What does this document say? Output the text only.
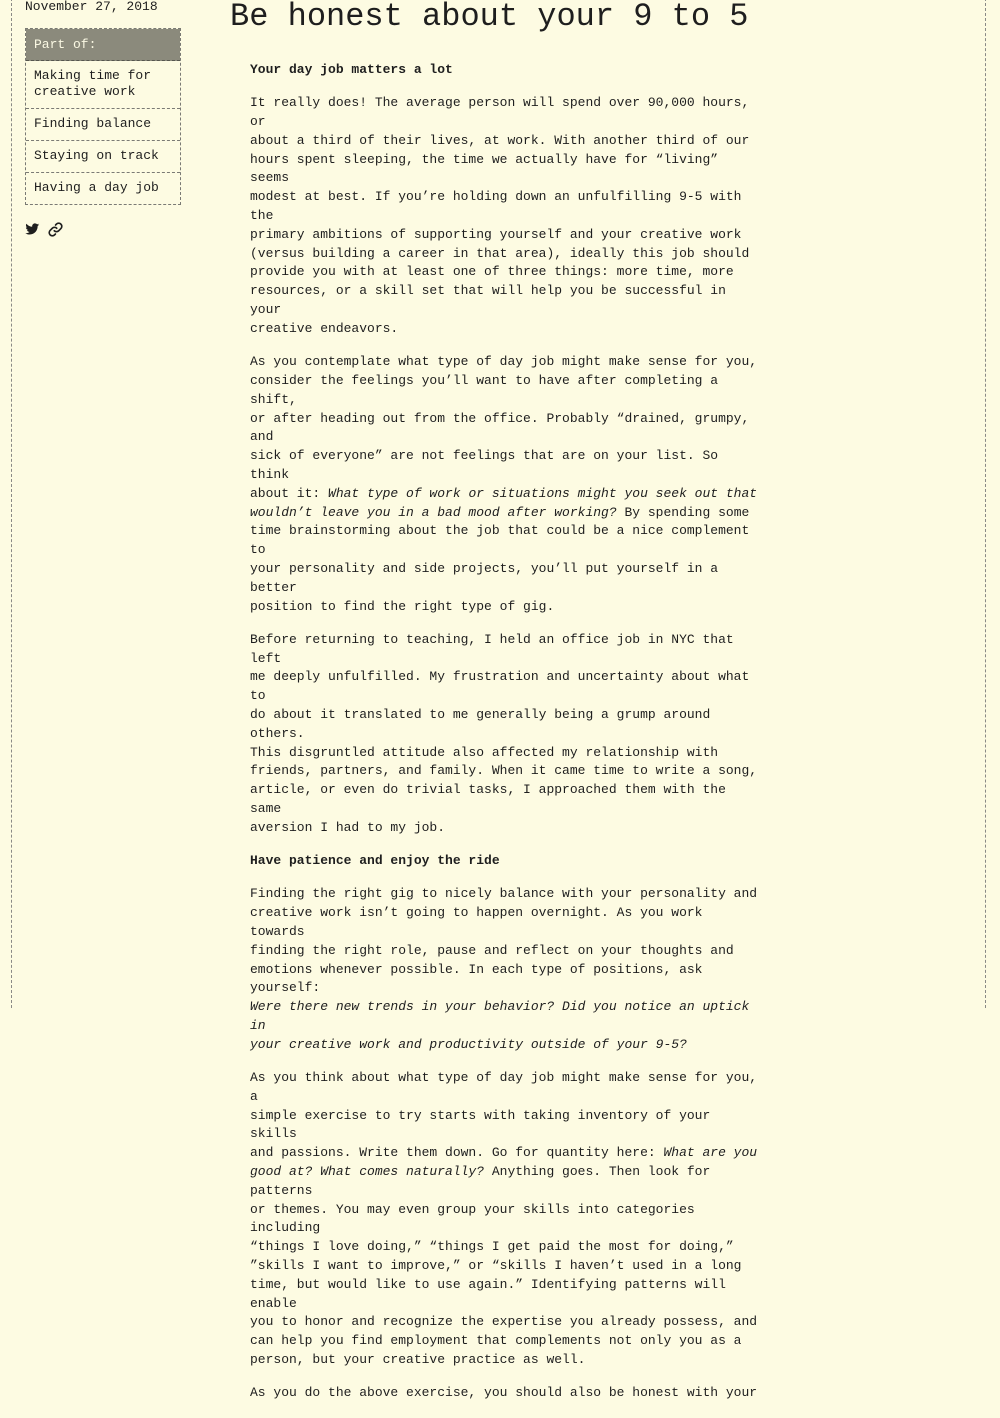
November 27, 2018

Part of:
Making time for
creative work
Finding balance
Staying on track
Having a day job
Be honest about your 9 to 5
Your day job matters a lot

It really does! The average person will spend over 90,000 hours, or
about a third of their lives, at work. With another third of our
hours spent sleeping, the time we actually have for “living” seems
modest at best. If you’re holding down an unfulfilling 9-5 with the
primary ambitions of supporting yourself and your creative work
(versus building a career in that area), ideally this job should
provide you with at least one of three things: more time, more
resources, or a skill set that will help you be successful in your
creative endeavors.

As you contemplate what type of day job might make sense for you,
consider the feelings you’ll want to have after completing a shift,
or after heading out from the office. Probably “drained, grumpy, and
sick of everyone” are not feelings that are on your list. So think
about it: What type of work or situations might you seek out that
wouldn’t leave you in a bad mood after working? By spending some
time brainstorming about the job that could be a nice complement to
your personality and side projects, you’ll put yourself in a better
position to find the right type of gig.

Before returning to teaching, I held an office job in NYC that left
me deeply unfulfilled. My frustration and uncertainty about what to
do about it translated to me generally being a grump around others.
This disgruntled attitude also affected my relationship with
friends, partners, and family. When it came time to write a song,
article, or even do trivial tasks, I approached them with the same
aversion I had to my job.

Have patience and enjoy the ride

Finding the right gig to nicely balance with your personality and
creative work isn’t going to happen overnight. As you work towards
finding the right role, pause and reflect on your thoughts and
emotions whenever possible. In each type of positions, ask yourself:
Were there new trends in your behavior? Did you notice an uptick in
your creative work and productivity outside of your 9-5?

As you think about what type of day job might make sense for you, a
simple exercise to try starts with taking inventory of your skills
and passions. Write them down. Go for quantity here: What are you
good at? What comes naturally? Anything goes. Then look for patterns
or themes. You may even group your skills into categories including
“things I love doing,” “things I get paid the most for doing,”
”skills I want to improve,” or “skills I haven’t used in a long
time, but would like to use again.” Identifying patterns will enable
you to honor and recognize the expertise you already possess, and
can help you find employment that complements not only you as a
person, but your creative practice as well.

As you do the above exercise, you should also be honest with your
